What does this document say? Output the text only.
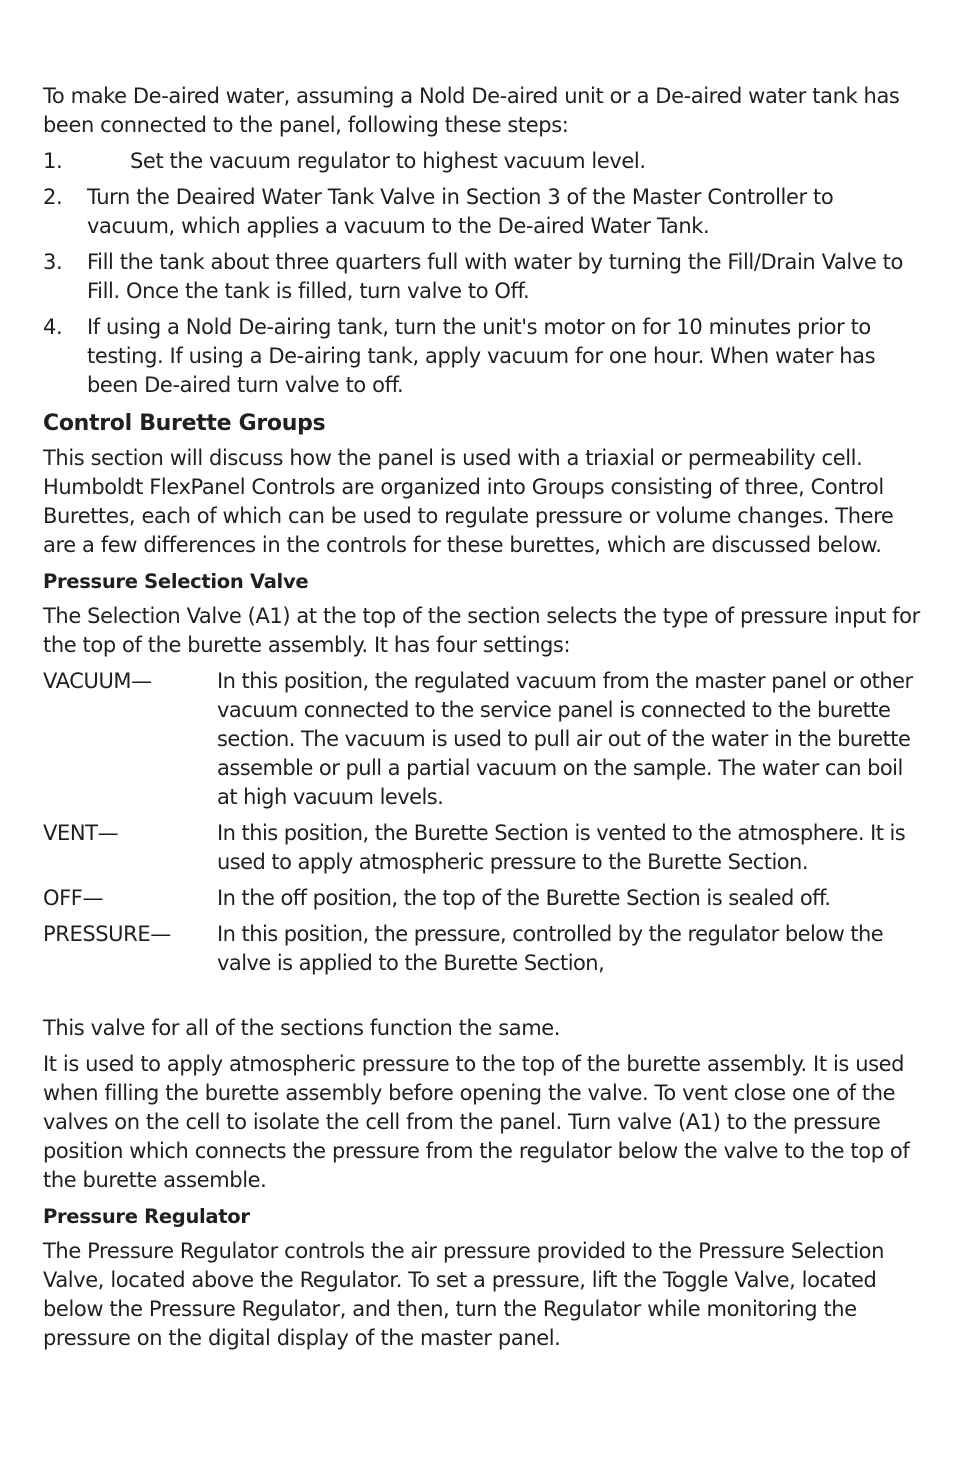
To make De-aired water, assuming a Nold De-aired unit or a De-aired water tank has been connected to the panel, following these steps:

1.	Set the vacuum regulator to highest vacuum level.
2.	Turn the Deaired Water Tank Valve in Section 3 of the Master Controller to vacuum, which applies a vacuum to the De-aired Water Tank.
3.	Fill the tank about three quarters full with water by turning the Fill/Drain Valve to Fill. Once the tank is filled, turn valve to Off.
4.	If using a Nold De-airing tank, turn the unit's motor on for 10 minutes prior to testing. If using a De-airing tank, apply vacuum for one hour. When water has been De-aired turn valve to off.
Control Burette Groups

This section will discuss how the panel is used with a triaxial or permeability cell. Humboldt FlexPanel Controls are organized into Groups consisting of three, Control Burettes, each of which can be used to regulate pressure or volume changes. There are a few differences in the controls for these burettes, which are discussed below.

Pressure Selection Valve

The Selection Valve (A1) at the top of the section selects the type of pressure input for the top of the burette assembly. It has four settings:

VACUUM—	In this position, the regulated vacuum from the master panel or other vacuum connected to the service panel is connected to the burette section. The vacuum is used to pull air out of the water in the burette assemble or pull a partial vacuum on the sample. The water can boil at high vacuum levels.
VENT—	In this position, the Burette Section is vented to the atmosphere. It is used to apply atmospheric pressure to the Burette Section.
OFF—	In the off position, the top of the Burette Section is sealed off.
PRESSURE—	In this position, the pressure, controlled by the regulator below the valve is applied to the Burette Section,

This valve for all of the sections function the same.

It is used to apply atmospheric pressure to the top of the burette assembly. It is used when filling the burette assembly before opening the valve. To vent close one of the valves on the cell to isolate the cell from the panel. Turn valve (A1) to the pressure position which connects the pressure from the regulator below the valve to the top of the burette assemble.

Pressure Regulator

The Pressure Regulator controls the air pressure provided to the Pressure Selection Valve, located above the Regulator. To set a pressure, lift the Toggle Valve, located below the Pressure Regulator, and then, turn the Regulator while monitoring the pressure on the digital display of the master panel.
